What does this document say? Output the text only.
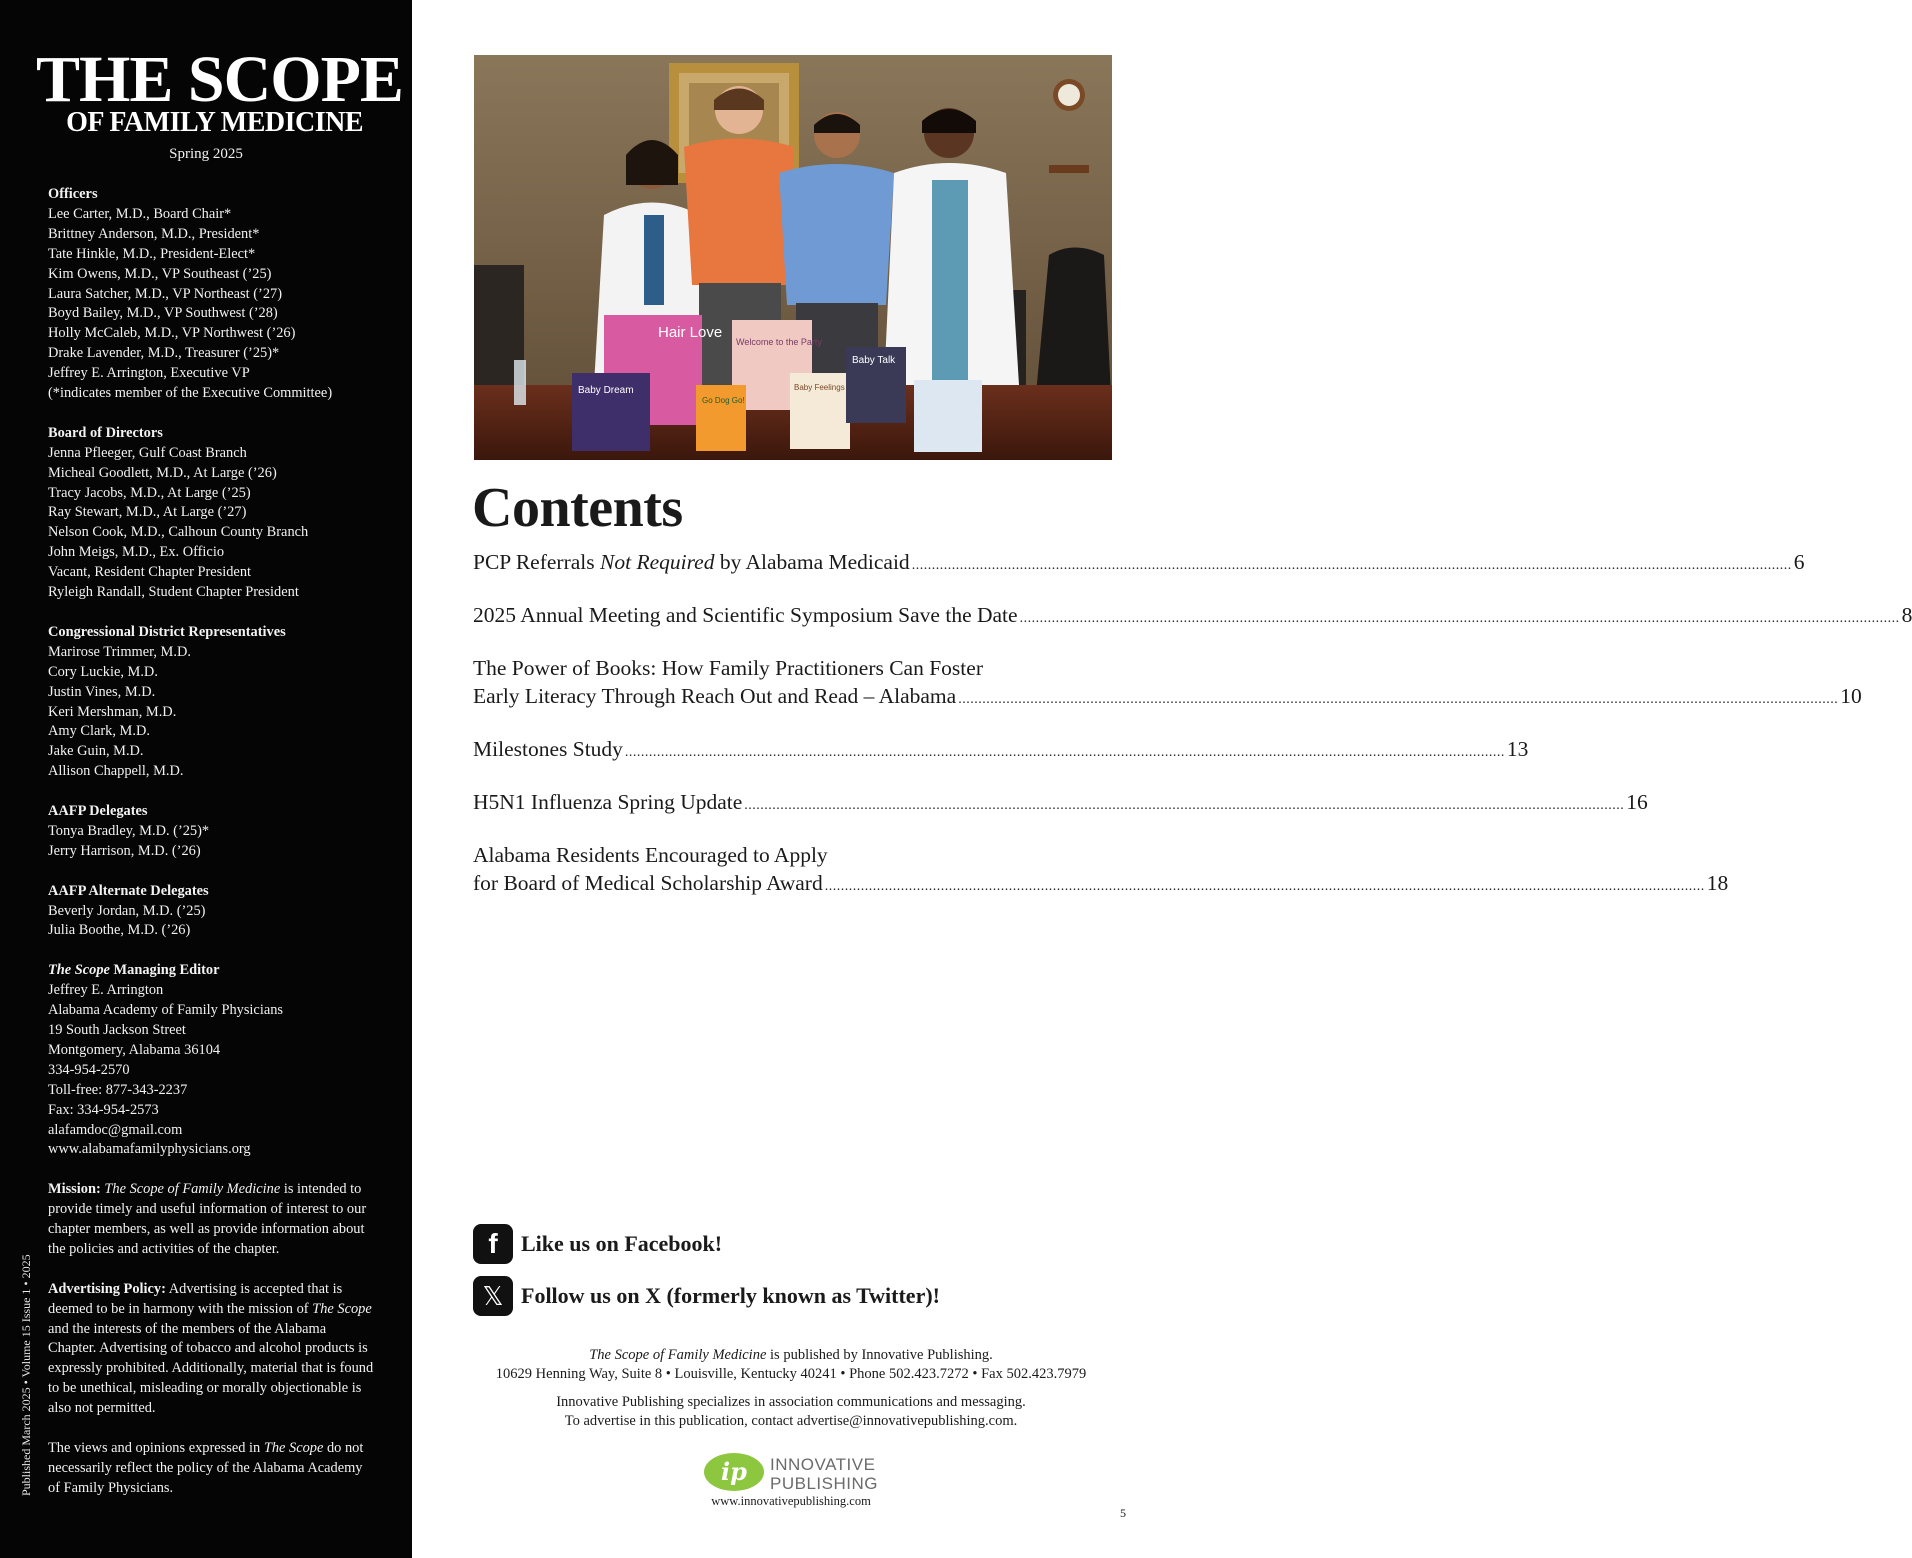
THE SCOPE
OF FAMILY MEDICINE
Spring 2025
Officers
Lee Carter, M.D., Board Chair*
Brittney Anderson, M.D., President*
Tate Hinkle, M.D., President-Elect*
Kim Owens, M.D., VP Southeast (’25)
Laura Satcher, M.D., VP Northeast (’27)
Boyd Bailey, M.D., VP Southwest (’28)
Holly McCaleb, M.D., VP Northwest (’26)
Drake Lavender, M.D., Treasurer (’25)*
Jeffrey E. Arrington, Executive VP
(*indicates member of the Executive Committee)
Board of Directors
Jenna Pfleeger, Gulf Coast Branch
Micheal Goodlett, M.D., At Large (’26)
Tracy Jacobs, M.D., At Large (’25)
Ray Stewart, M.D., At Large (’27)
Nelson Cook, M.D., Calhoun County Branch
John Meigs, M.D., Ex. Officio
Vacant, Resident Chapter President
Ryleigh Randall, Student Chapter President
Congressional District Representatives
Marirose Trimmer, M.D.
Cory Luckie, M.D.
Justin Vines, M.D.
Keri Mershman, M.D.
Amy Clark, M.D.
Jake Guin, M.D.
Allison Chappell, M.D.
AAFP Delegates
Tonya Bradley, M.D. (’25)*
Jerry Harrison, M.D. (’26)
AAFP Alternate Delegates
Beverly Jordan, M.D. (’25)
Julia Boothe, M.D. (’26)
The Scope Managing Editor
Jeffrey E. Arrington
Alabama Academy of Family Physicians
19 South Jackson Street
Montgomery, Alabama 36104
334-954-2570
Toll-free: 877-343-2237
Fax: 334-954-2573
alafamdoc@gmail.com
www.alabamafamilyphysicians.org
Mission: The Scope of Family Medicine is intended to provide timely and useful information of interest to our chapter members, as well as provide information about the policies and activities of the chapter.
Advertising Policy: Advertising is accepted that is deemed to be in harmony with the mission of The Scope and the interests of the members of the Alabama Chapter. Advertising of tobacco and alcohol products is expressly prohibited. Additionally, material that is found to be unethical, misleading or morally objectionable is also not permitted.
The views and opinions expressed in The Scope do not necessarily reflect the policy of the Alabama Academy of Family Physicians.
Published March 2025 • Volume 15 Issue 1 • 2025
Hair Love
Welcome to the Party
Baby Dream	Baby Feelings
Baby Talk
Go Dog Go!
Contents
PCP Referrals Not Required by Alabama Medicaid ............................................................................................................................................................................................................................ 6
2025 Annual Meeting and Scientific Symposium Save the Date ............................................................................................................................................................................................................................ 8
The Power of Books: How Family Practitioners Can Foster
Early Literacy Through Reach Out and Read – Alabama ............................................................................................................................................................................................................................ 10
Milestones Study ............................................................................................................................................................................................................................ 13
H5N1 Influenza Spring Update ............................................................................................................................................................................................................................ 16
Alabama Residents Encouraged to Apply
for Board of Medical Scholarship Award ............................................................................................................................................................................................................................ 18
f	Like us on Facebook!
𝕏 Follow us on X (formerly known as Twitter)!
The Scope of Family Medicine is published by Innovative Publishing.
10629 Henning Way, Suite 8 • Louisville, Kentucky 40241 • Phone 502.423.7272 • Fax 502.423.7979
Innovative Publishing specializes in association communications and messaging.
To advertise in this publication, contact advertise@innovativepublishing.com.
ip INNOVATIVE
PUBLISHING
www.innovativepublishing.com
5
